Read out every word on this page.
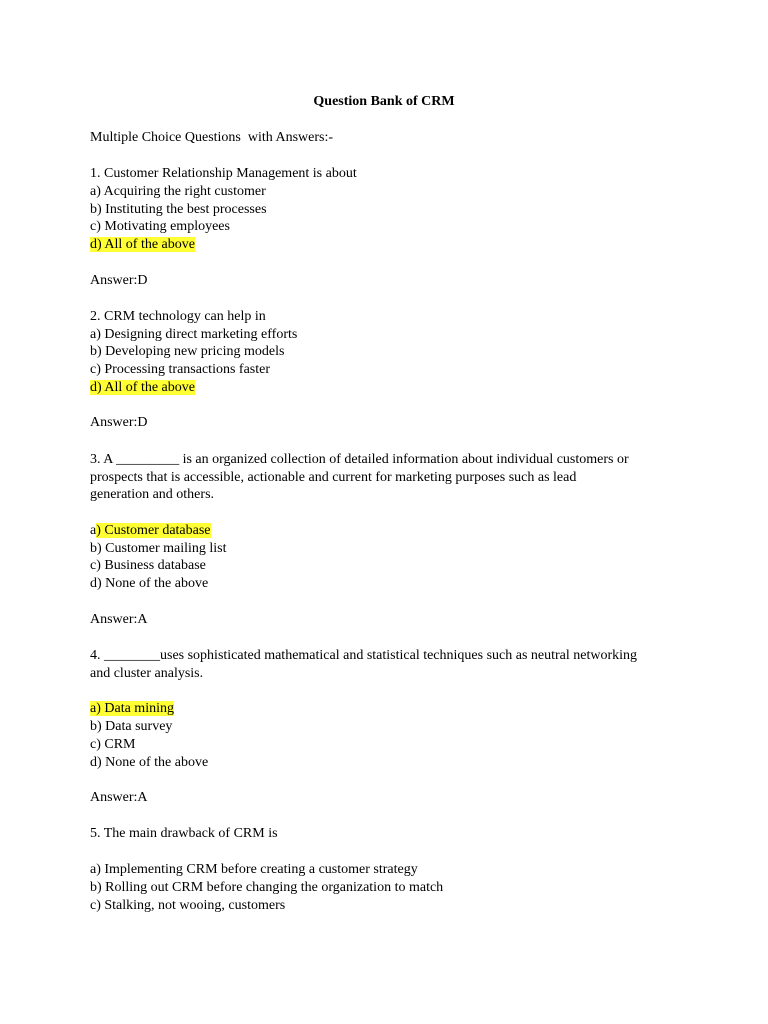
Question Bank of CRM
Multiple Choice Questions  with Answers:-
1. Customer Relationship Management is about
a) Acquiring the right customer
b) Instituting the best processes
c) Motivating employees
d) All of the above
Answer:D
2. CRM technology can help in
a) Designing direct marketing efforts
b) Developing new pricing models
c) Processing transactions faster
d) All of the above
Answer:D
3. A _________ is an organized collection of detailed information about individual customers or
prospects that is accessible, actionable and current for marketing purposes such as lead
generation and others.
a) Customer database
b) Customer mailing list
c) Business database
d) None of the above
Answer:A
4. ________uses sophisticated mathematical and statistical techniques such as neutral networking
and cluster analysis.
a) Data mining
b) Data survey
c) CRM
d) None of the above
Answer:A
5. The main drawback of CRM is
a) Implementing CRM before creating a customer strategy
b) Rolling out CRM before changing the organization to match
c) Stalking, not wooing, customers
